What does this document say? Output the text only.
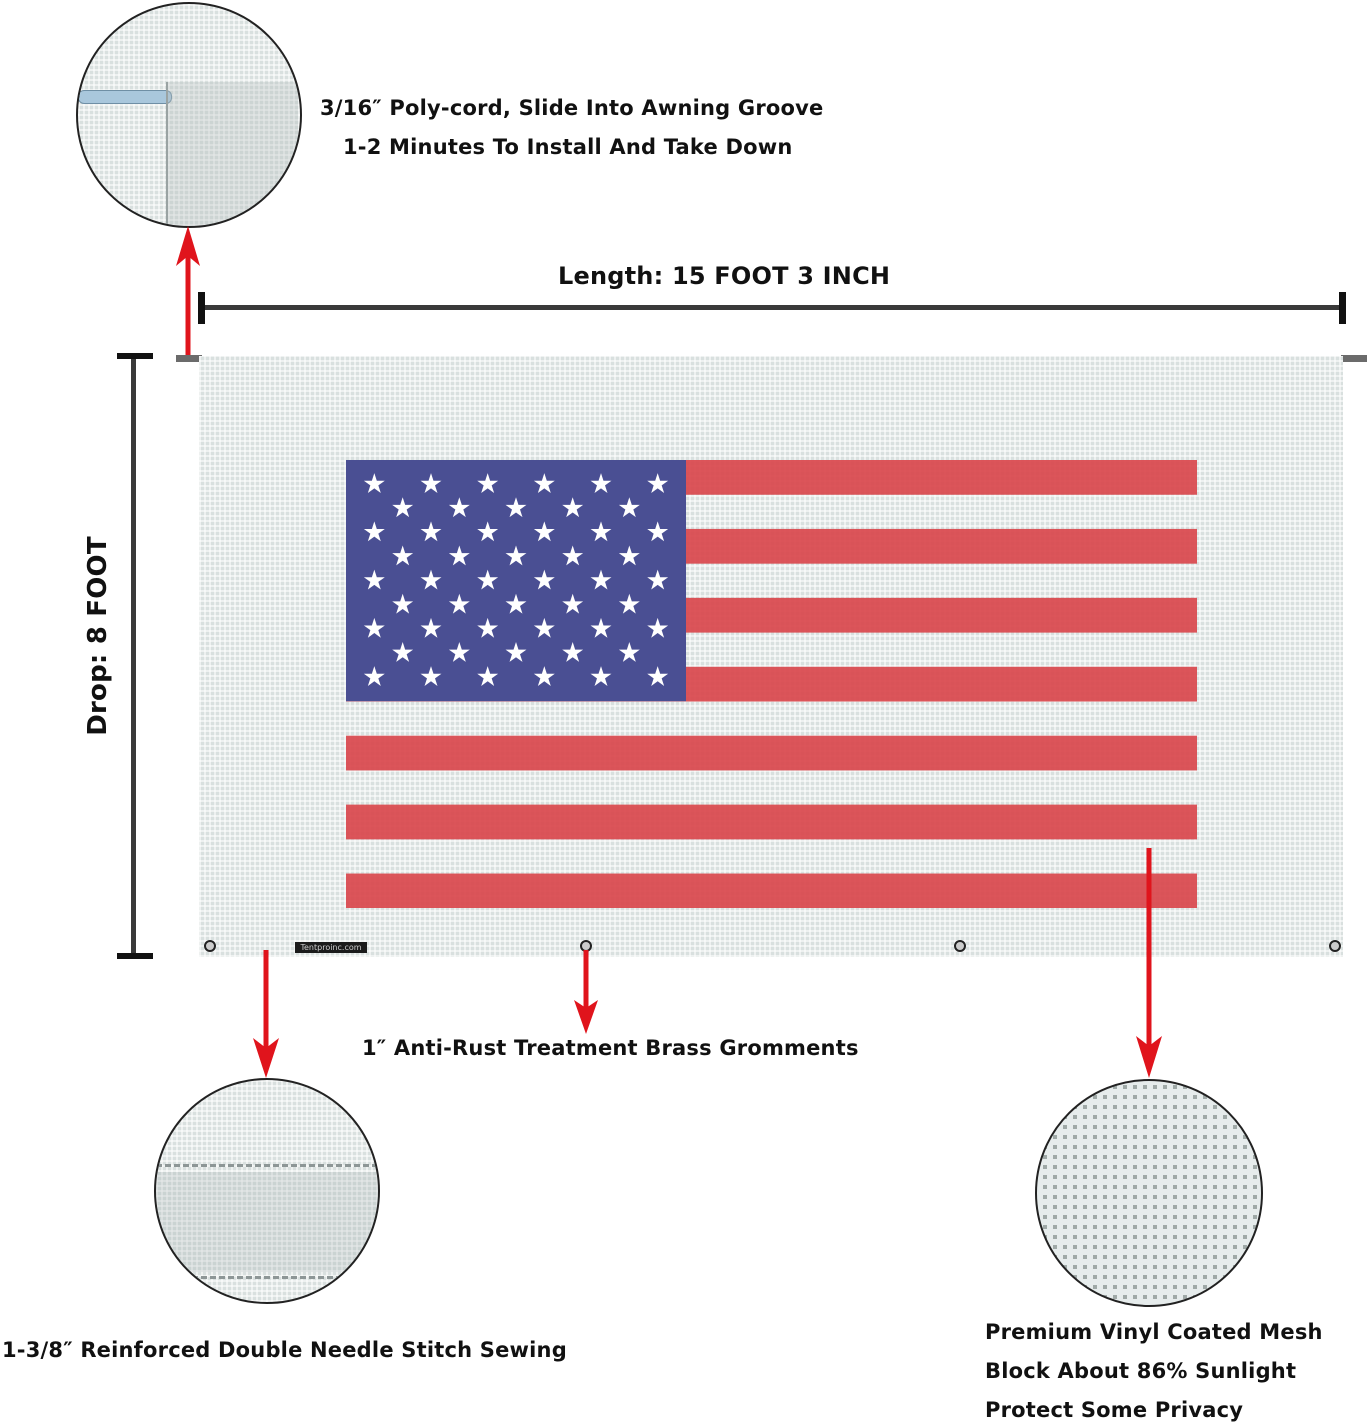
3/16″ Poly-cord, Slide Into Awning Groove
1-2 Minutes To Install And Take Down
Length: 15 FOOT 3 INCH
Drop: 8 FOOT
Tentproinc.com
1″ Anti-Rust Treatment Brass Gromments
1-3/8″ Reinforced Double Needle Stitch Sewing
Premium Vinyl Coated Mesh
Block About 86% Sunlight
Protect Some Privacy
